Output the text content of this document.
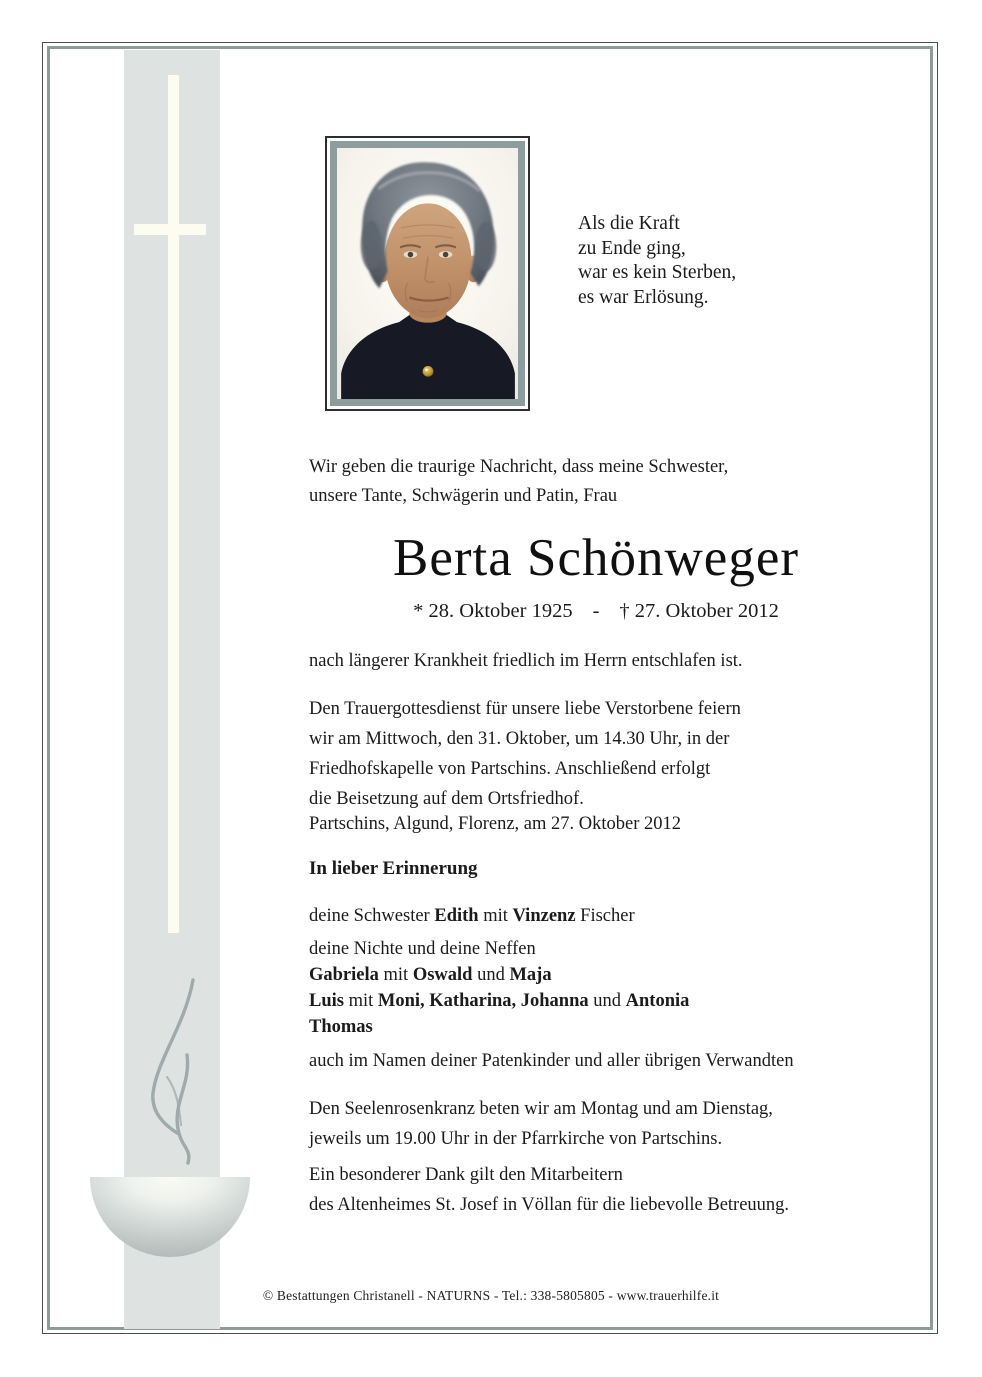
Als die Kraft
zu Ende ging,
war es kein Sterben,
es war Erlösung.
Wir geben die traurige Nachricht, dass meine Schwester,
unsere Tante, Schwägerin und Patin, Frau
Berta Schönweger
* 28. Oktober 1925 - † 27. Oktober 2012
nach längerer Krankheit friedlich im Herrn entschlafen ist.
Den Trauergottesdienst für unsere liebe Verstorbene feiern
wir am Mittwoch, den 31. Oktober, um 14.30 Uhr, in der
Friedhofskapelle von Partschins. Anschließend erfolgt
die Beisetzung auf dem Ortsfriedhof.
Partschins, Algund, Florenz, am 27. Oktober 2012
In lieber Erinnerung
deine Schwester Edith mit Vinzenz Fischer
deine Nichte und deine Neffen
Gabriela mit Oswald und Maja
Luis mit Moni, Katharina, Johanna und Antonia
Thomas
auch im Namen deiner Patenkinder und aller übrigen Verwandten
Den Seelenrosenkranz beten wir am Montag und am Dienstag,
jeweils um 19.00 Uhr in der Pfarrkirche von Partschins.
Ein besonderer Dank gilt den Mitarbeitern
des Altenheimes St. Josef in Völlan für die liebevolle Betreuung.
© Bestattungen Christanell - NATURNS - Tel.: 338-5805805 - www.trauerhilfe.it
